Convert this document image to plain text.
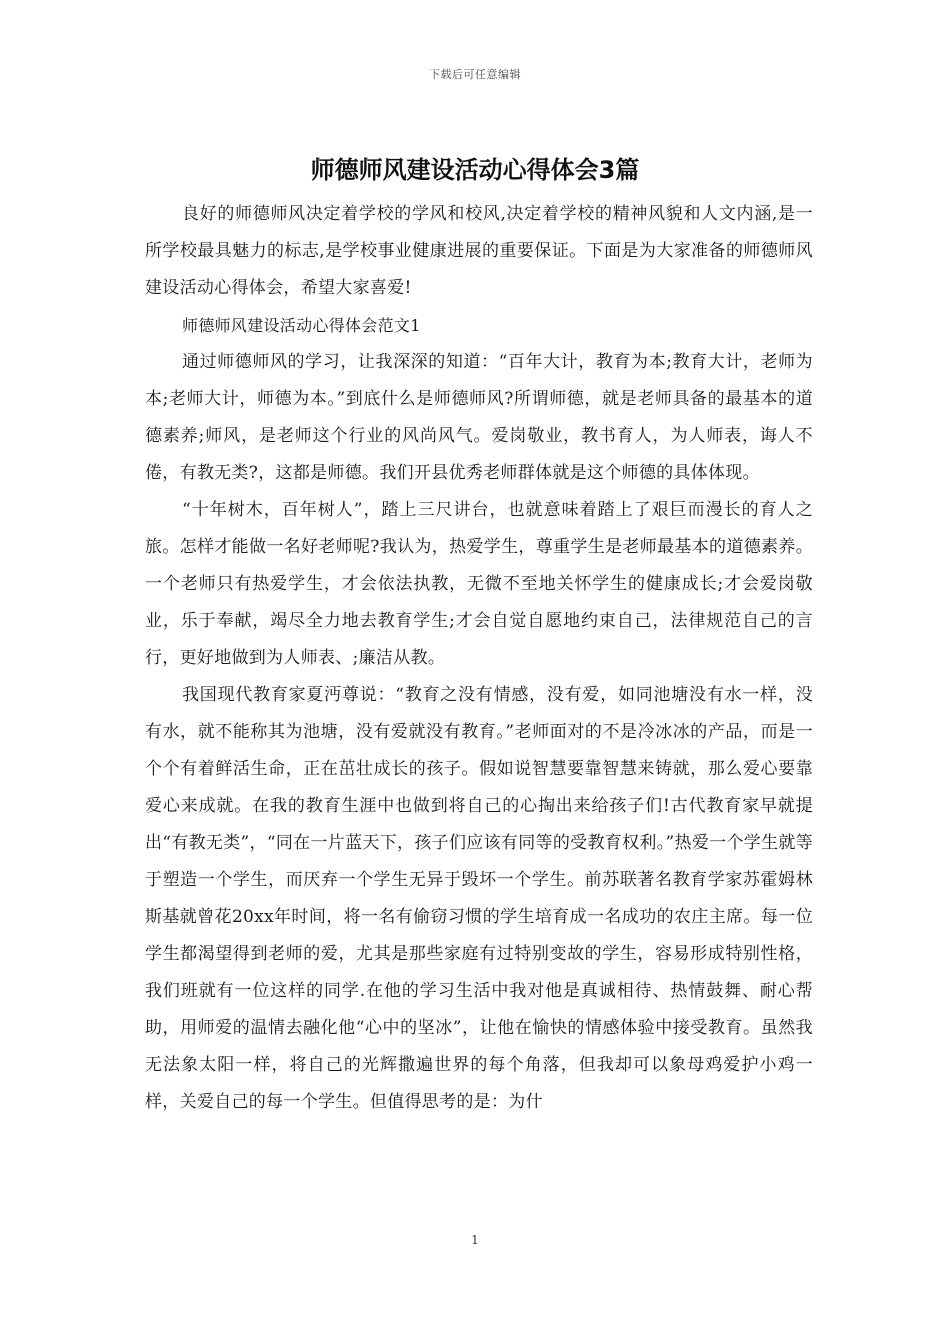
下载后可任意编辑
师德师风建设活动心得体会3篇

良好的师德师风决定着学校的学风和校风,决定着学校的精神风貌和人文内涵,是一所学校最具魅力的标志,是学校事业健康进展的重要保证。下面是为大家准备的师德师风建设活动心得体会，希望大家喜爱!

师德师风建设活动心得体会范文1

通过师德师风的学习，让我深深的知道：“百年大计，教育为本;教育大计，老师为本;老师大计，师德为本。”到底什么是师德师风?所谓师德，就是老师具备的最基本的道德素养;师风，是老师这个行业的风尚风气。爱岗敬业，教书育人，为人师表，诲人不倦，有教无类?，这都是师德。我们开县优秀老师群体就是这个师德的具体体现。

“十年树木，百年树人”，踏上三尺讲台，也就意味着踏上了艰巨而漫长的育人之旅。怎样才能做一名好老师呢?我认为，热爱学生，尊重学生是老师最基本的道德素养。一个老师只有热爱学生，才会依法执教，无微不至地关怀学生的健康成长;才会爱岗敬业，乐于奉献，竭尽全力地去教育学生;才会自觉自愿地约束自己，法律规范自己的言行，更好地做到为人师表、;廉洁从教。

我国现代教育家夏沔尊说：“教育之没有情感，没有爱，如同池塘没有水一样，没有水，就不能称其为池塘，没有爱就没有教育。”老师面对的不是冷冰冰的产品，而是一个个有着鲜活生命，正在茁壮成长的孩子。假如说智慧要靠智慧来铸就，那么爱心要靠爱心来成就。在我的教育生涯中也做到将自己的心掏出来给孩子们!古代教育家早就提出“有教无类”，“同在一片蓝天下，孩子们应该有同等的受教育权利。”热爱一个学生就等于塑造一个学生，而厌弃一个学生无异于毁坏一个学生。前苏联著名教育学家苏霍姆林斯基就曾花20xx年时间，将一名有偷窃习惯的学生培育成一名成功的农庄主席。每一位学生都渴望得到老师的爱，尤其是那些家庭有过特别变故的学生，容易形成特别性格，我们班就有一位这样的同学.在他的学习生活中我对他是真诚相待、热情鼓舞、耐心帮助，用师爱的温情去融化他“心中的坚冰”，让他在愉快的情感体验中接受教育。虽然我无法象太阳一样，将自己的光辉撒遍世界的每个角落，但我却可以象母鸡爱护小鸡一样，关爱自己的每一个学生。但值得思考的是：为什

1
